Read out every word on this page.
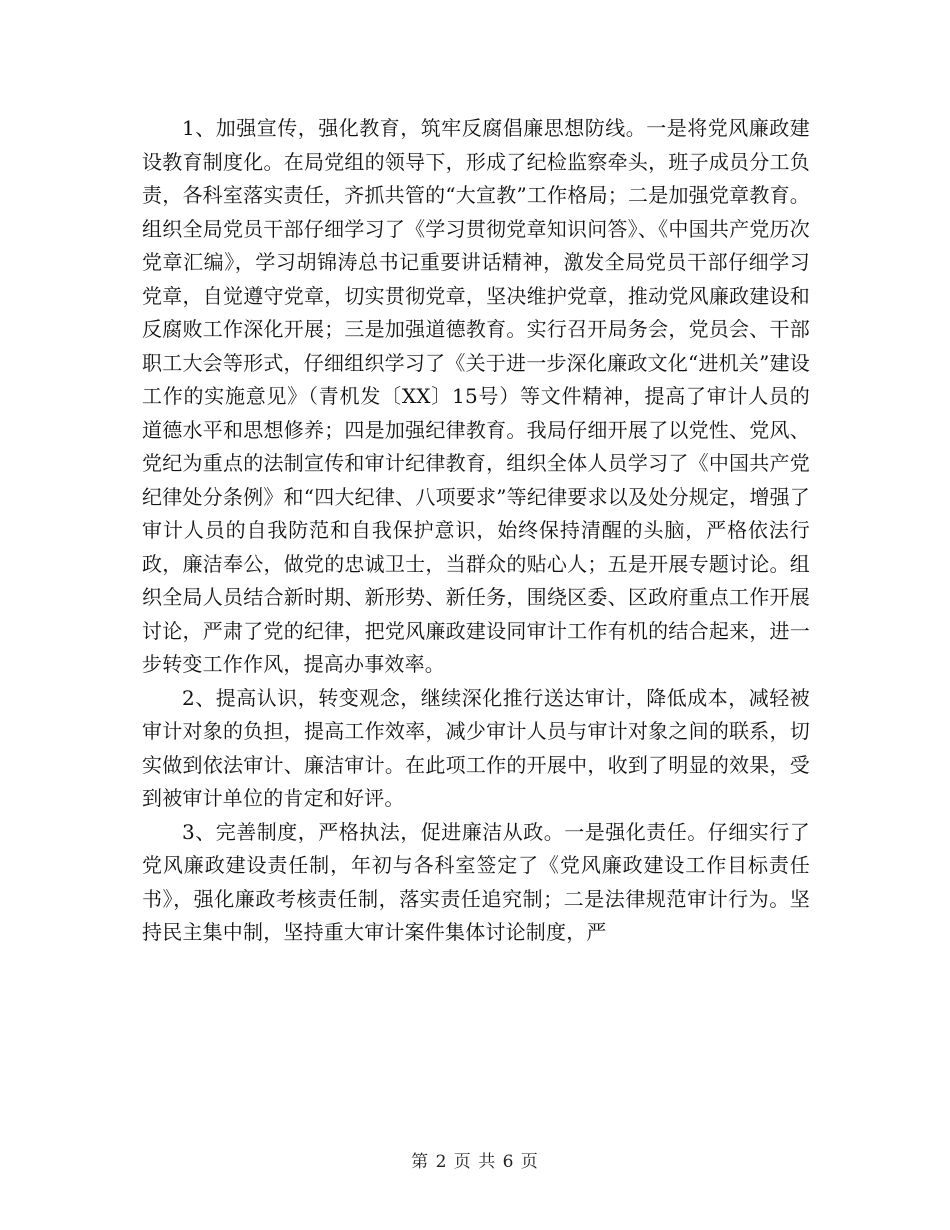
1、加强宣传，强化教育，筑牢反腐倡廉思想防线。一是将党风廉政建设教育制度化。在局党组的领导下，形成了纪检监察牵头，班子成员分工负责，各科室落实责任，齐抓共管的“大宣教”工作格局；二是加强党章教育。组织全局党员干部仔细学习了《学习贯彻党章知识问答》、《中国共产党历次党章汇编》，学习胡锦涛总书记重要讲话精神，激发全局党员干部仔细学习党章，自觉遵守党章，切实贯彻党章，坚决维护党章，推动党风廉政建设和反腐败工作深化开展；三是加强道德教育。实行召开局务会，党员会、干部职工大会等形式，仔细组织学习了《关于进一步深化廉政文化“进机关”建设工作的实施意见》（青机发〔XX〕15号）等文件精神，提高了审计人员的道德水平和思想修养；四是加强纪律教育。我局仔细开展了以党性、党风、党纪为重点的法制宣传和审计纪律教育，组织全体人员学习了《中国共产党纪律处分条例》和“四大纪律、八项要求”等纪律要求以及处分规定，增强了审计人员的自我防范和自我保护意识，始终保持清醒的头脑，严格依法行政，廉洁奉公，做党的忠诚卫士，当群众的贴心人；五是开展专题讨论。组织全局人员结合新时期、新形势、新任务，围绕区委、区政府重点工作开展讨论，严肃了党的纪律，把党风廉政建设同审计工作有机的结合起来，进一步转变工作作风，提高办事效率。

2、提高认识，转变观念，继续深化推行送达审计，降低成本，减轻被审计对象的负担，提高工作效率，减少审计人员与审计对象之间的联系，切实做到依法审计、廉洁审计。在此项工作的开展中，收到了明显的效果，受到被审计单位的肯定和好评。

3、完善制度，严格执法，促进廉洁从政。一是强化责任。仔细实行了党风廉政建设责任制，年初与各科室签定了《党风廉政建设工作目标责任书》，强化廉政考核责任制，落实责任追究制；二是法律规范审计行为。坚持民主集中制，坚持重大审计案件集体讨论制度，严

第 2 页 共 6 页
